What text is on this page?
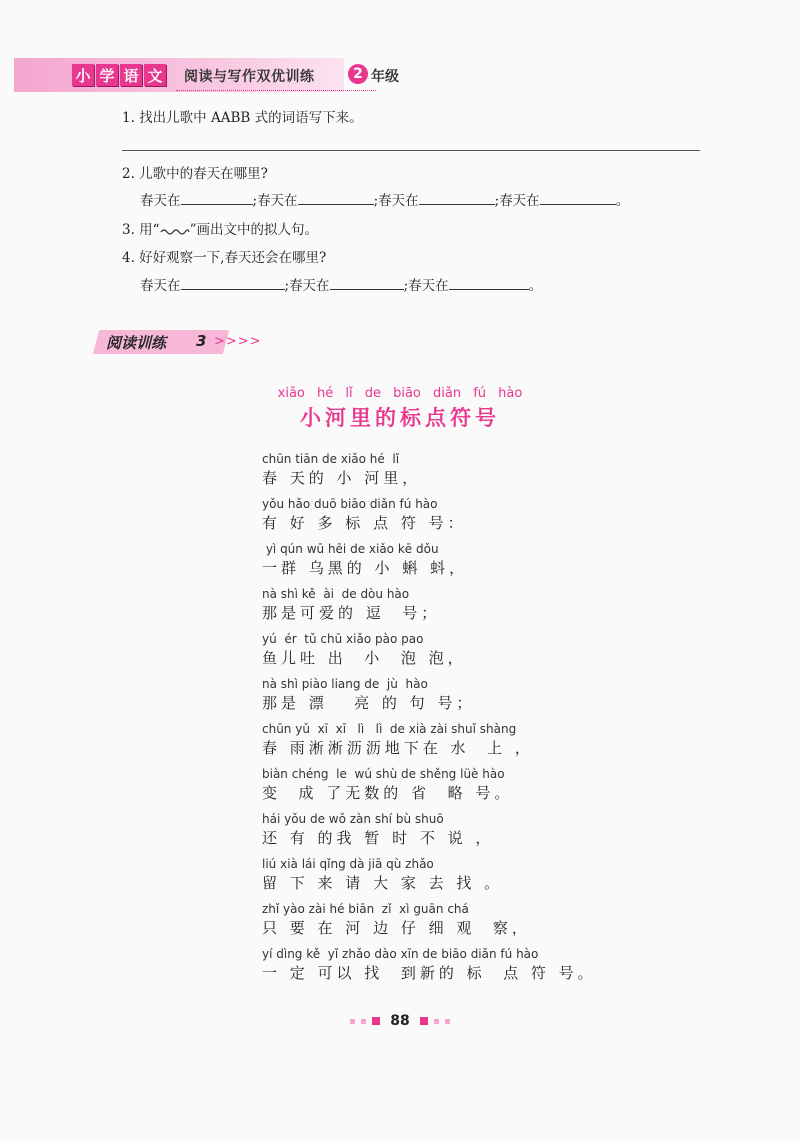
小 学 语 文 阅读与写作双优训练	2 年级
1. 找出儿歌中 AABB 式的词语写下来。
2. 儿歌中的春天在哪里?
春天在	;春天在	;春天在	;春天在	。
3. 用“ ”画出文中的拟人句。
4. 好好观察一下,春天还会在哪里?
春天在	;春天在	;春天在	。
阅读训练 3 >>>>
xiǎo hé lǐ de biāo diǎn fú hào
小河里的标点符号
chūn tiān de xiǎo hé  lǐ
春 天的 小 河里，
yǒu hǎo duō biāo diǎn fú hào
有 好 多 标 点 符 号：
yì qún wū hēi de xiǎo kē dǒu
一群 乌黑的 小 蝌 蚪，
nà shì kě  ài  de dòu hào
那是可爱的 逗  号；
yú  ér  tǔ chū xiǎo pào pao
鱼儿吐 出  小  泡 泡，
nà shì piào liang de  jù  hào
那是 漂   亮 的 句 号；
chūn yǔ  xī  xī   lì   lì  de xià zài shuǐ shàng
春 雨淅淅沥沥地下在 水  上 ，
biàn chéng  le  wú shù de shěng lüè hào
变  成 了无数的 省  略 号。
hái yǒu de wǒ zàn shí bù shuō
还 有 的我 暂 时 不 说 ，
liú xià lái qǐng dà jiā qù zhǎo
留 下 来 请 大 家 去 找 。
zhǐ yào zài hé biān  zǐ  xì guān chá
只 要 在 河 边 仔 细 观  察，
yí dìng kě  yǐ zhǎo dào xīn de biāo diǎn fú hào
一 定 可以 找  到新的 标  点 符 号。
88
